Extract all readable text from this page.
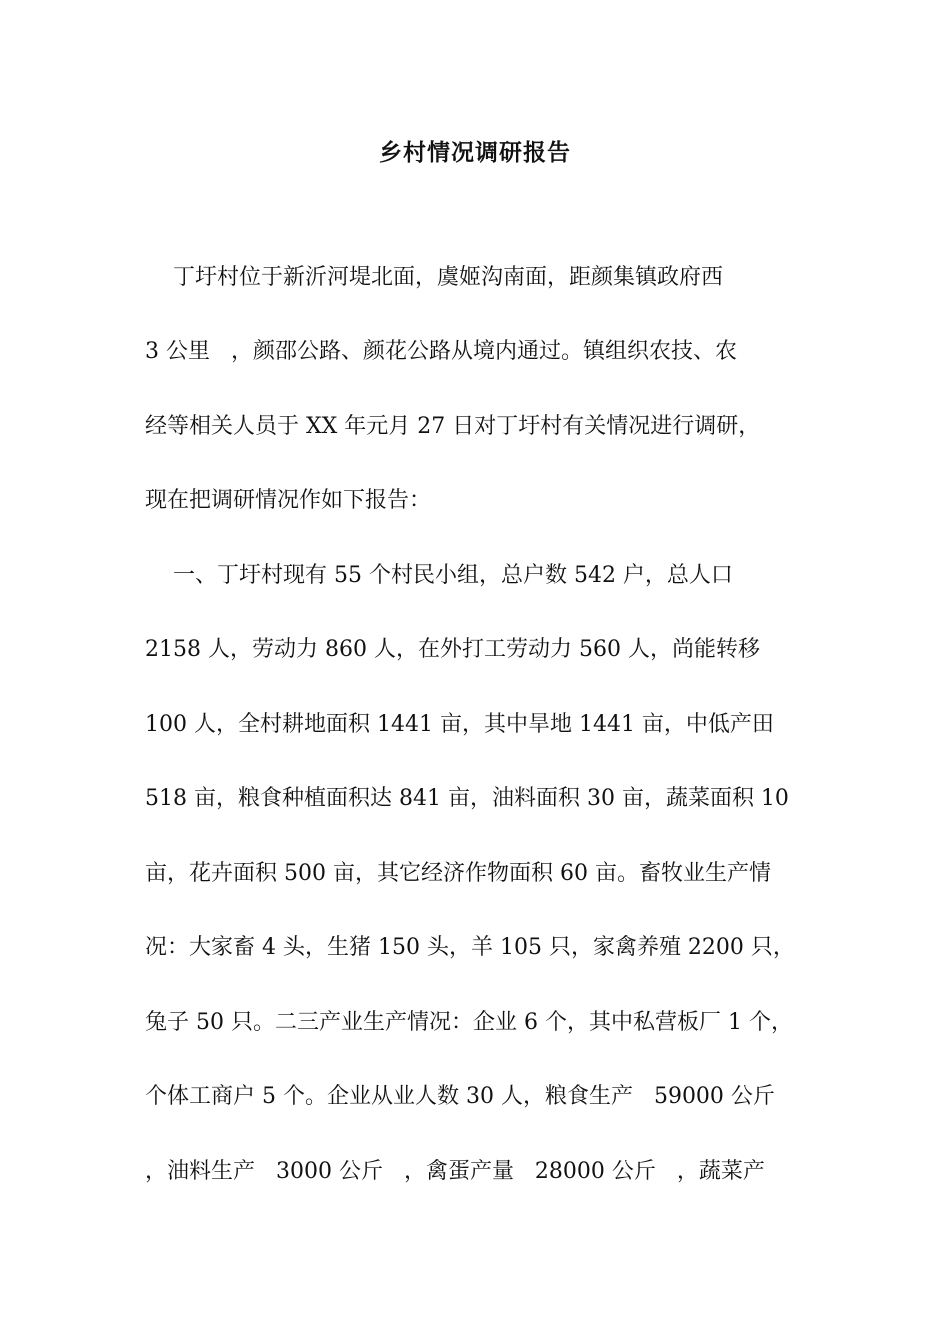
乡村情况调研报告
丁圩村位于新沂河堤北面，虞姬沟南面，距颜集镇政府西
3 公里   ，颜邵公路、颜花公路从境内通过。镇组织农技、农
经等相关人员于 XX 年元月 27 日对丁圩村有关情况进行调研，
现在把调研情况作如下报告：
一、丁圩村现有 55 个村民小组，总户数 542 户，总人口
2158 人，劳动力 860 人，在外打工劳动力 560 人，尚能转移
100 人，全村耕地面积 1441 亩，其中旱地 1441 亩，中低产田
518 亩，粮食种植面积达 841 亩，油料面积 30 亩，蔬菜面积 10
亩，花卉面积 500 亩，其它经济作物面积 60 亩。畜牧业生产情
况：大家畜 4 头，生猪 150 头，羊 105 只，家禽养殖 2200 只，
兔子 50 只。二三产业生产情况：企业 6 个，其中私营板厂 1 个，
个体工商户 5 个。企业从业人数 30 人，粮食生产   59000 公斤
，油料生产   3000 公斤   ，禽蛋产量   28000 公斤   ，蔬菜产
